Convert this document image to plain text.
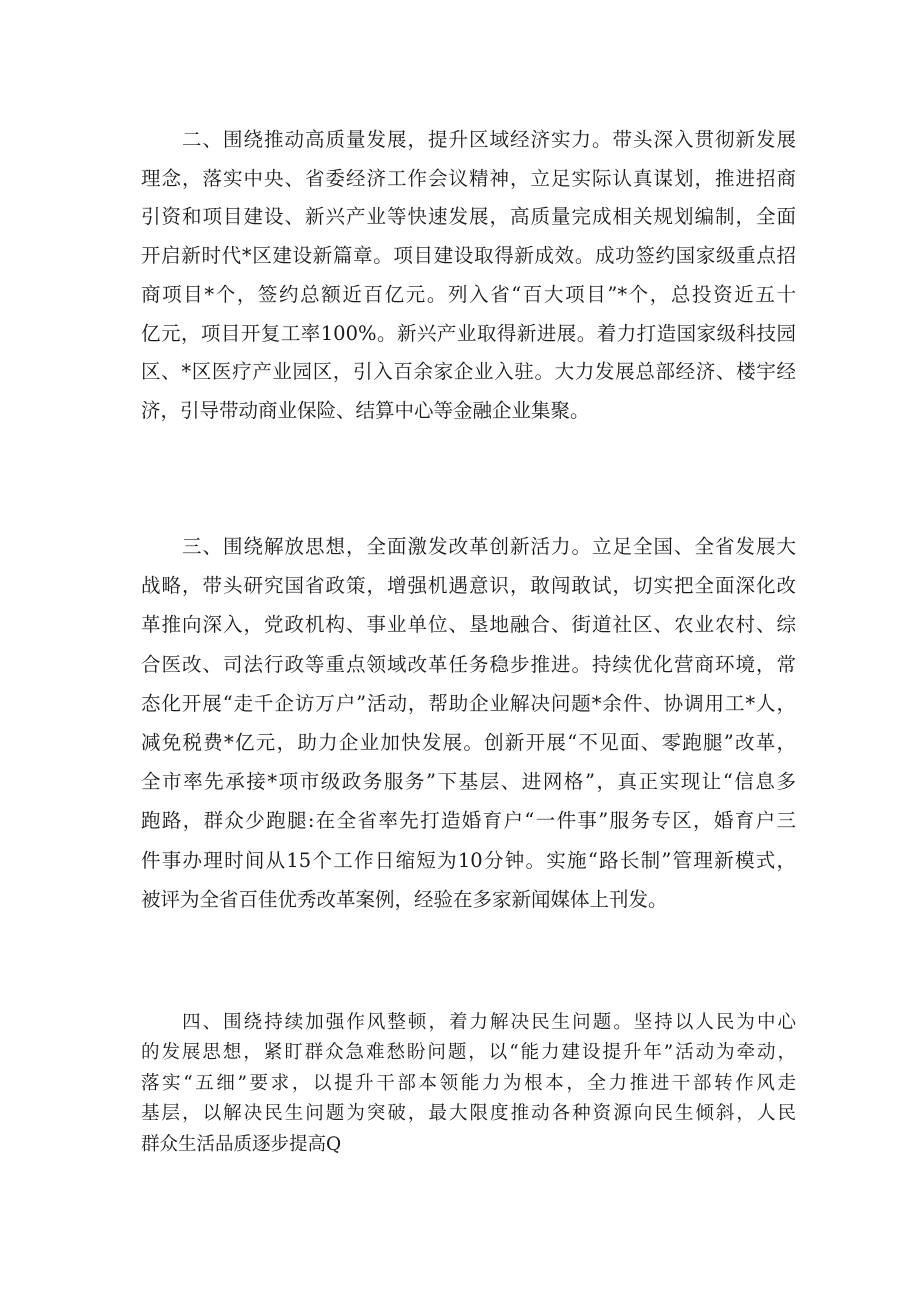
　　二、围绕推动高质量发展，提升区域经济实力。带头深入贯彻新发展
理念，落实中央、省委经济工作会议精神，立足实际认真谋划，推进招商
引资和项目建设、新兴产业等快速发展，高质量完成相关规划编制，全面
开启新时代*区建设新篇章。项目建设取得新成效。成功签约国家级重点招
商项目*个，签约总额近百亿元。列入省“百大项目”*个，总投资近五十
亿元，项目开复工率100%。新兴产业取得新进展。着力打造国家级科技园
区、*区医疗产业园区，引入百余家企业入驻。大力发展总部经济、楼宇经
济，引导带动商业保险、结算中心等金融企业集聚。

　　三、围绕解放思想，全面激发改革创新活力。立足全国、全省发展大
战略，带头研究国省政策，增强机遇意识，敢闯敢试，切实把全面深化改
革推向深入，党政机构、事业单位、垦地融合、街道社区、农业农村、综
合医改、司法行政等重点领域改革任务稳步推进。持续优化营商环境，常
态化开展“走千企访万户”活动，帮助企业解决问题*余件、协调用工*人，
减免税费*亿元，助力企业加快发展。创新开展“不见面、零跑腿”改革，
全市率先承接*项市级政务服务”下基层、进网格”，真正实现让“信息多
跑路，群众少跑腿:在全省率先打造婚育户“一件事”服务专区，婚育户三
件事办理时间从15个工作日缩短为10分钟。实施“路长制”管理新模式，
被评为全省百佳优秀改革案例，经验在多家新闻媒体上刊发。

　　四、围绕持续加强作风整顿，着力解决民生问题。坚持以人民为中心
的发展思想，紧盯群众急难愁盼问题，以“能力建设提升年”活动为牵动，
落实“五细”要求，以提升干部本领能力为根本，全力推进干部转作风走
基层，以解决民生问题为突破，最大限度推动各种资源向民生倾斜，人民
群众生活品质逐步提高Q
